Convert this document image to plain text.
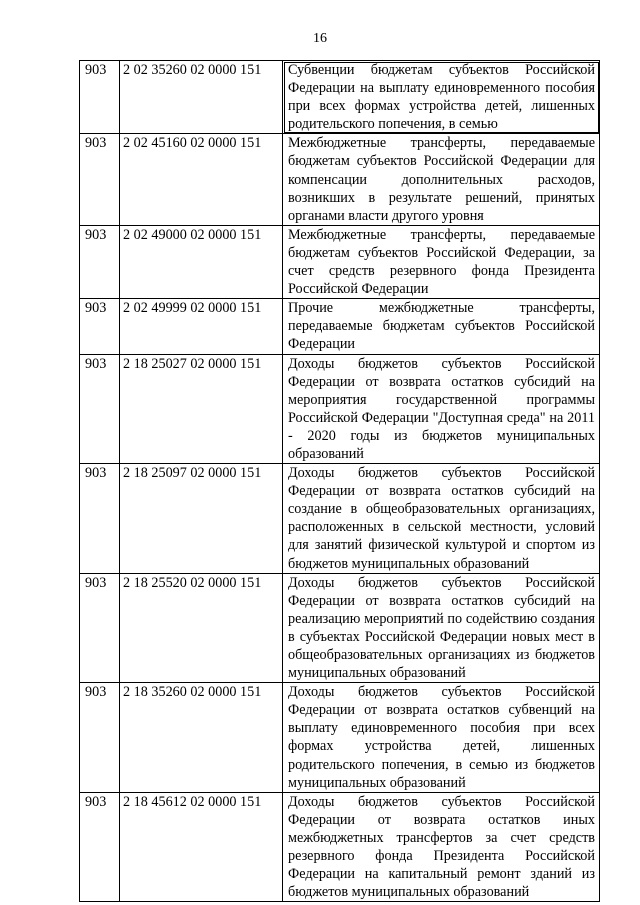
16
903	2 02 35260 02 0000 151	Субвенции бюджетам субъектов Российской Федерации на выплату единовременного пособия при всех формах устройства детей, лишенных родительского попечения, в семью
903	2 02 45160 02 0000 151	Межбюджетные трансферты, передаваемые бюджетам субъектов Российской Федерации для компенсации дополнительных расходов, возникших в результате решений, принятых органами власти другого уровня
903	2 02 49000 02 0000 151	Межбюджетные трансферты, передаваемые бюджетам субъектов Российской Федерации, за счет средств резервного фонда Президента Российской Федерации
903	2 02 49999 02 0000 151	Прочие межбюджетные трансферты, передаваемые бюджетам субъектов Российской Федерации
903	2 18 25027 02 0000 151	Доходы бюджетов субъектов Российской Федерации от возврата остатков субсидий на мероприятия государственной программы Российской Федерации "Доступная среда" на 2011 - 2020 годы из бюджетов муниципальных образований
903	2 18 25097 02 0000 151	Доходы бюджетов субъектов Российской Федерации от возврата остатков субсидий на создание в общеобразовательных организациях, расположенных в сельской местности, условий для занятий физической культурой и спортом из бюджетов муниципальных образований
903	2 18 25520 02 0000 151	Доходы бюджетов субъектов Российской Федерации от возврата остатков субсидий на реализацию мероприятий по содействию создания в субъектах Российской Федерации новых мест в общеобразовательных организациях из бюджетов муниципальных образований
903	2 18 35260 02 0000 151	Доходы бюджетов субъектов Российской Федерации от возврата остатков субвенций на выплату единовременного пособия при всех формах устройства детей, лишенных родительского попечения, в семью из бюджетов муниципальных образований
903	2 18 45612 02 0000 151	Доходы бюджетов субъектов Российской Федерации от возврата остатков иных межбюджетных трансфертов за счет средств резервного фонда Президента Российской Федерации на капитальный ремонт зданий из бюджетов муниципальных образований
